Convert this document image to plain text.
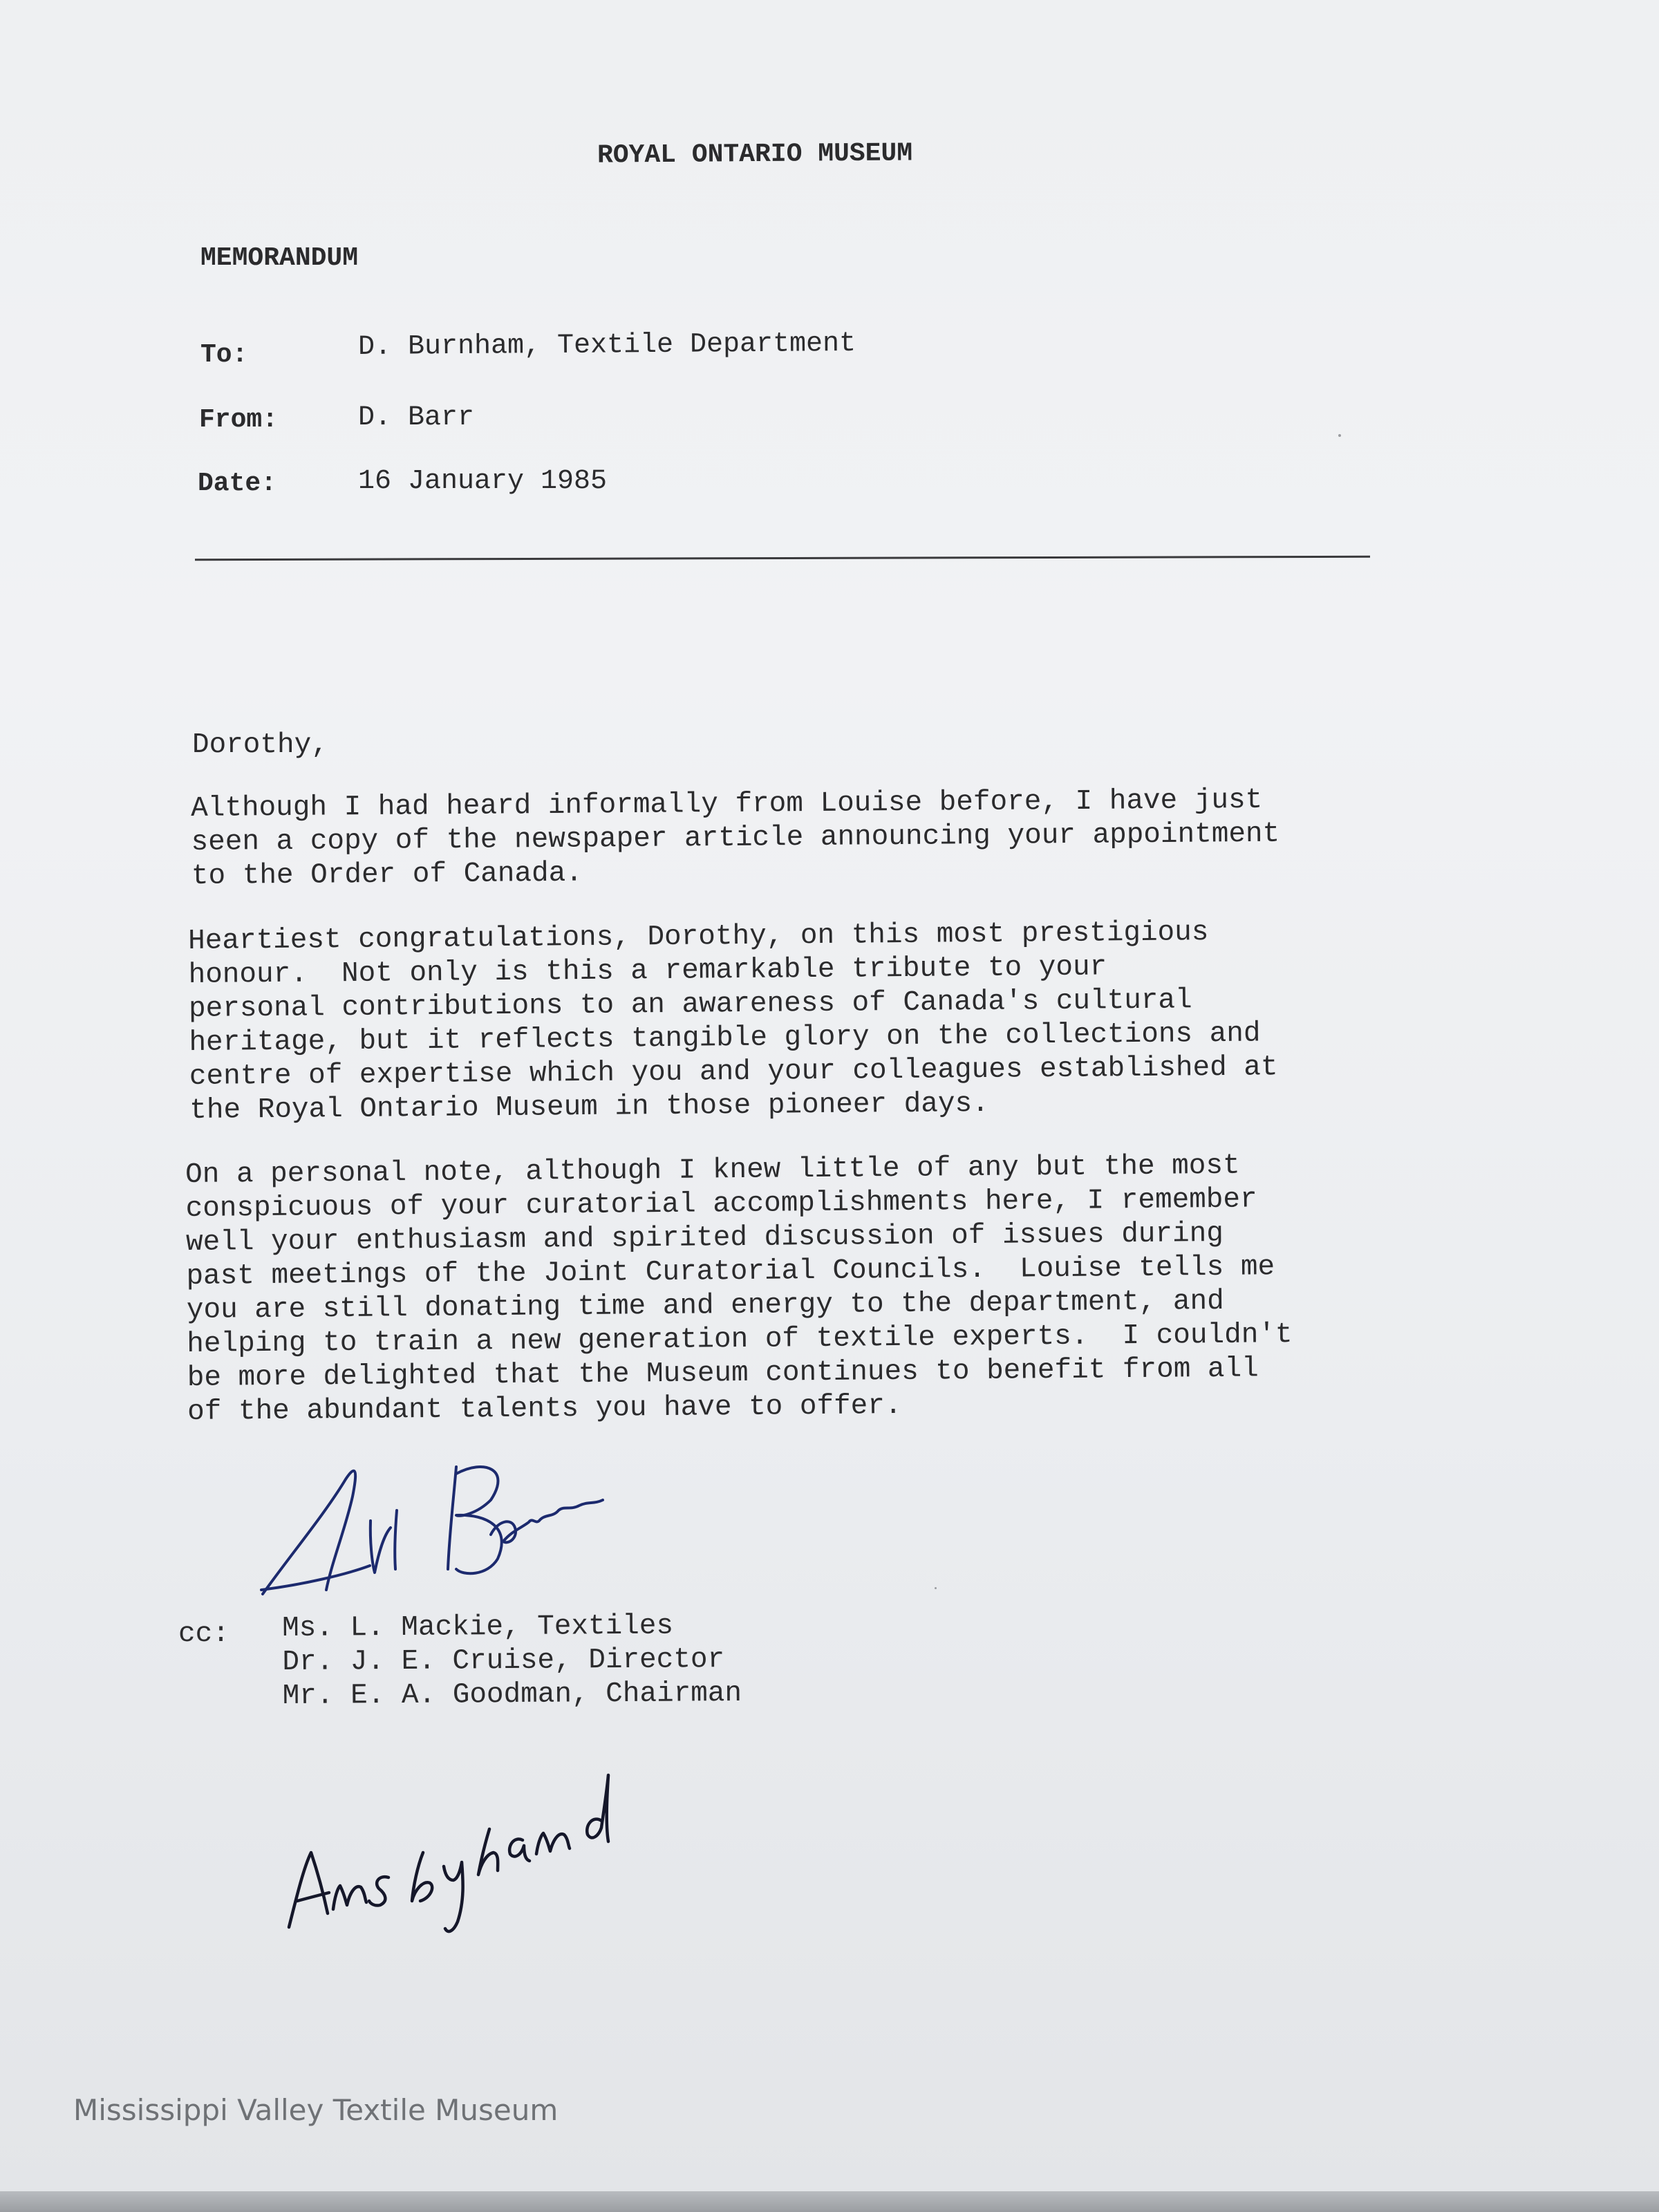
ROYAL ONTARIO MUSEUM

MEMORANDUM

To:	D. Burnham, Textile Department

From:	D. Barr

Date:	16 January 1985

Dorothy,

Although I had heard informally from Louise before, I have just

seen a copy of the newspaper article announcing your appointment

to the Order of Canada.

Heartiest congratulations, Dorothy, on this most prestigious

honour.  Not only is this a remarkable tribute to your

personal contributions to an awareness of Canada's cultural

heritage, but it reflects tangible glory on the collections and

centre of expertise which you and your colleagues established at

the Royal Ontario Museum in those pioneer days.

On a personal note, although I knew little of any but the most

conspicuous of your curatorial accomplishments here, I remember

well your enthusiasm and spirited discussion of issues during

past meetings of the Joint Curatorial Councils.  Louise tells me

you are still donating time and energy to the department, and

helping to train a new generation of textile experts.  I couldn't

be more delighted that the Museum continues to benefit from all

of the abundant talents you have to offer.

cc: Ms. L. Mackie, Textiles

Dr. J. E. Cruise, Director

Mr. E. A. Goodman, Chairman

Mississippi Valley Textile Museum
